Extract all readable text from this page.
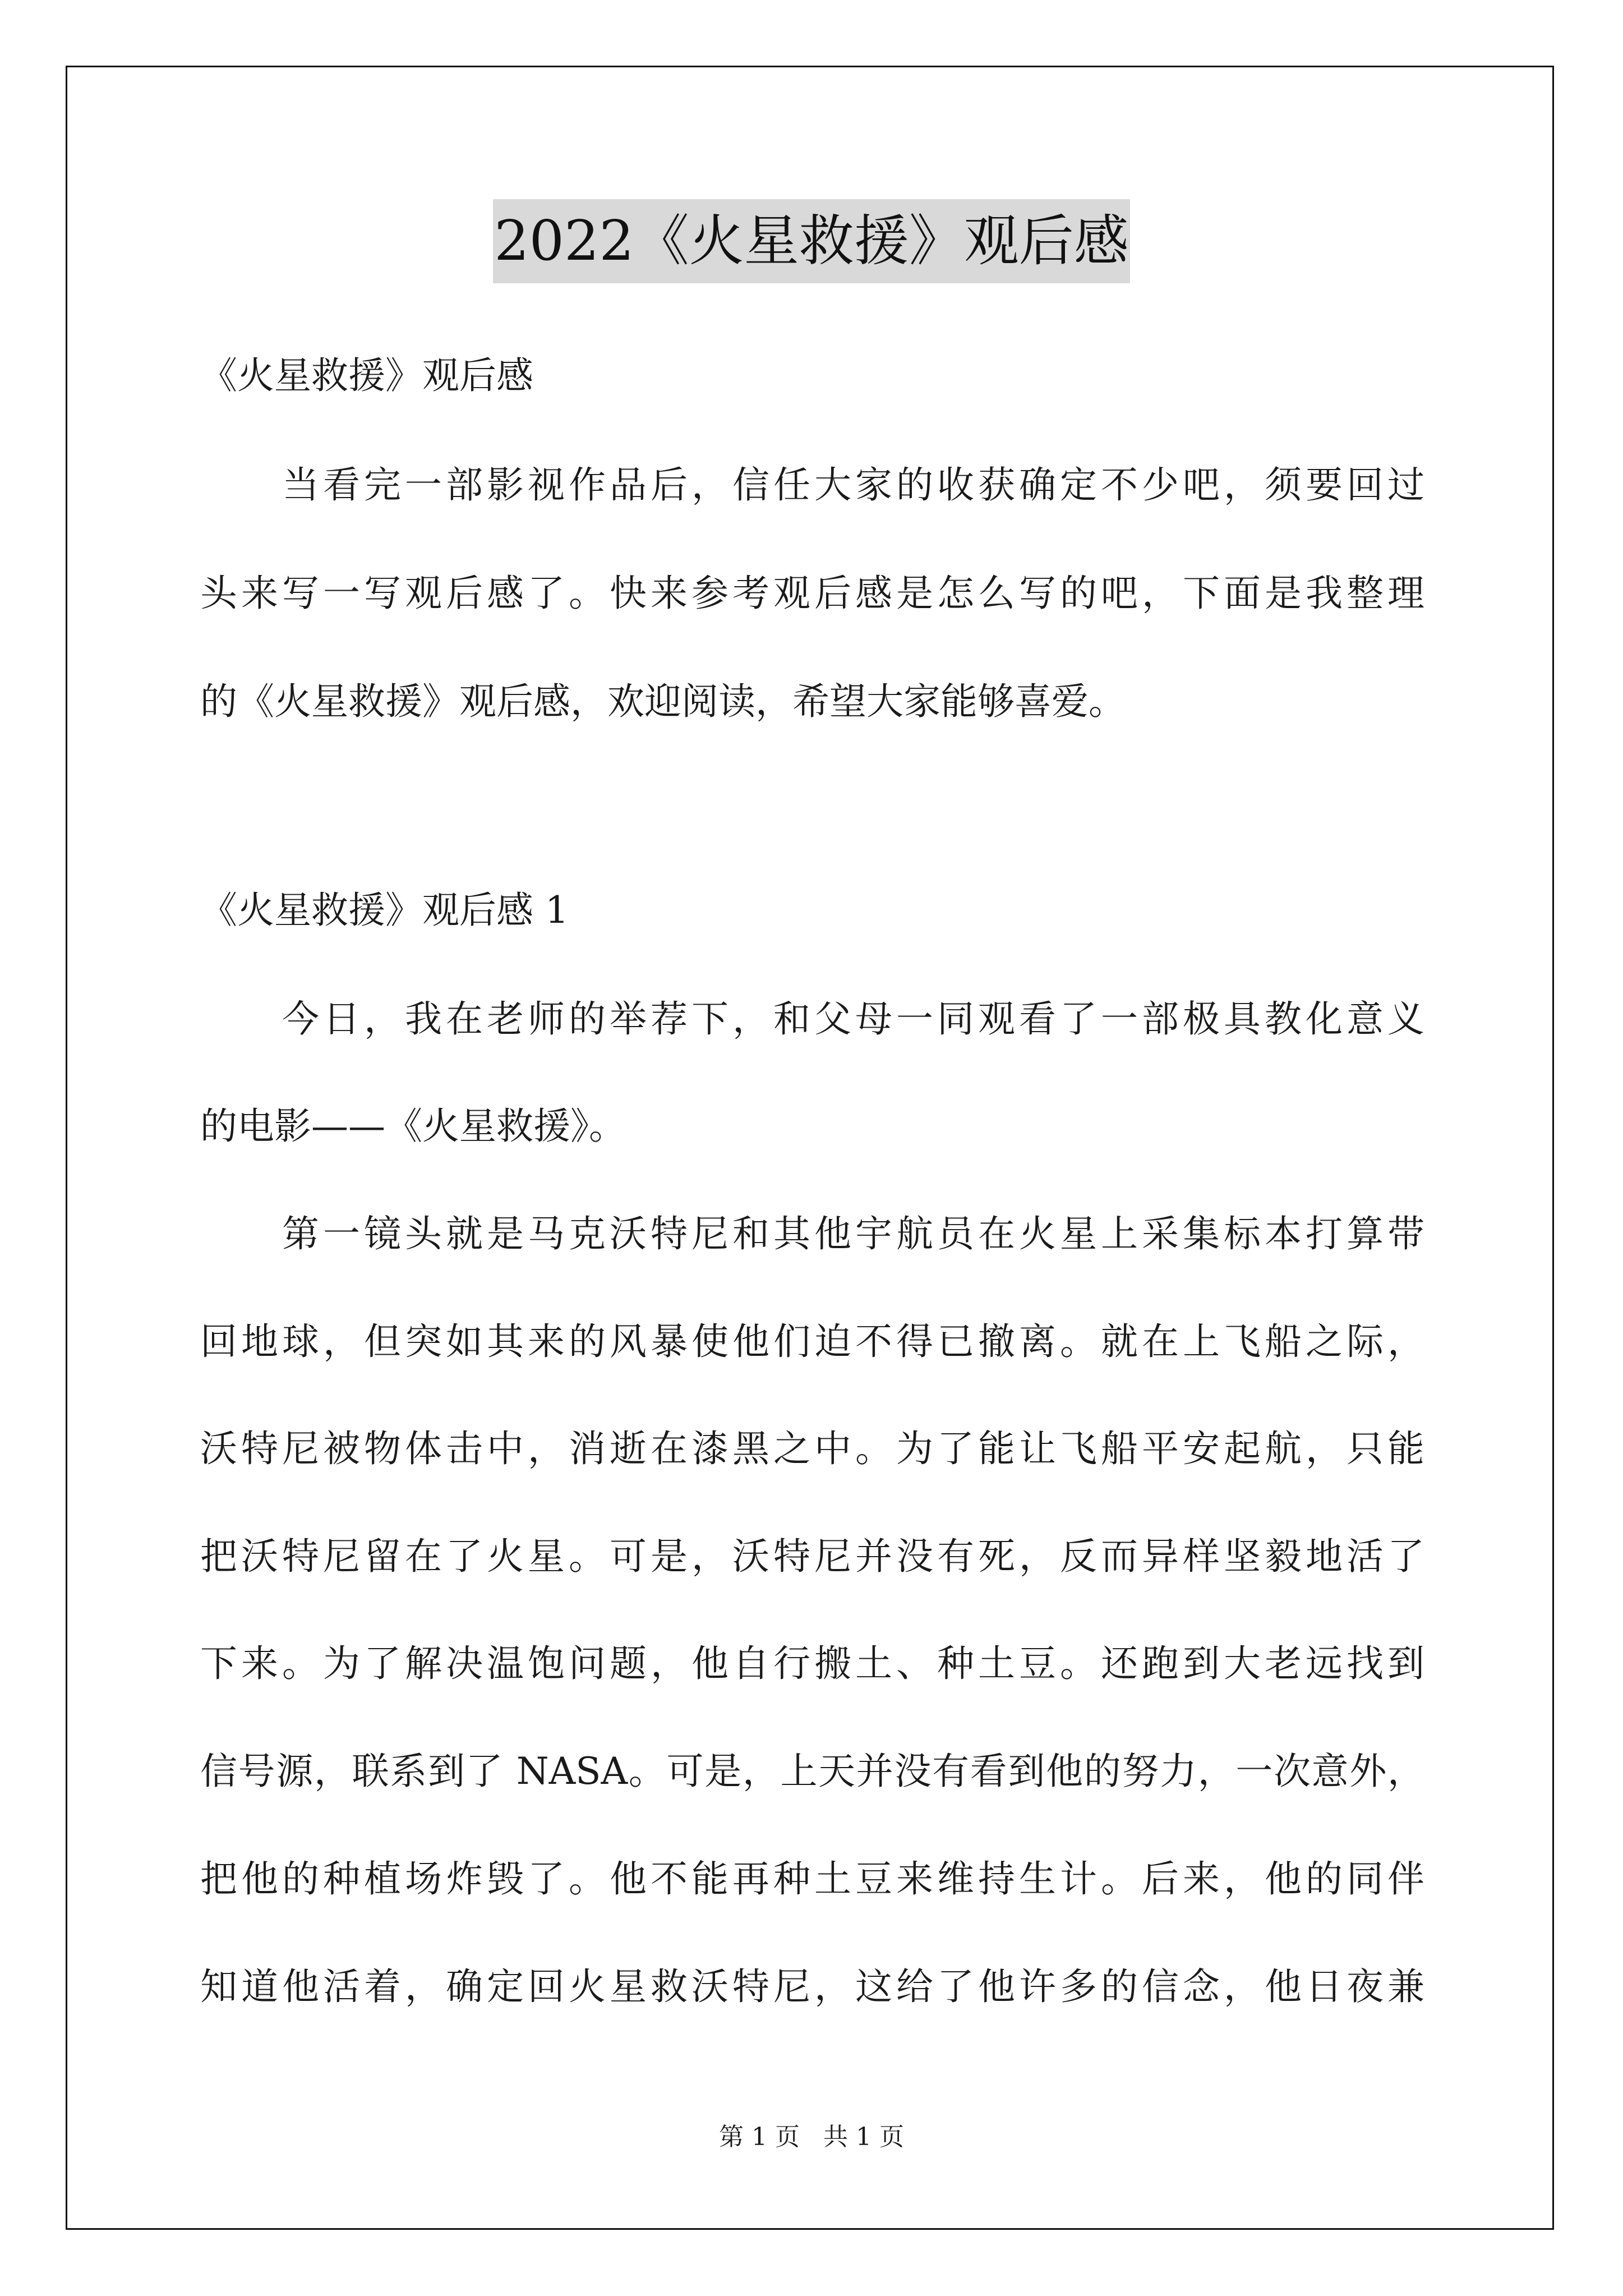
2022《火星救援》观后感
《火星救援》观后感
当看完一部影视作品后，信任大家的收获确定不少吧，须要回过
头来写一写观后感了。快来参考观后感是怎么写的吧，下面是我整理
的《火星救援》观后感，欢迎阅读，希望大家能够喜爱。
《火星救援》观后感 1
今日，我在老师的举荐下，和父母一同观看了一部极具教化意义
的电影——《火星救援》。
第一镜头就是马克沃特尼和其他宇航员在火星上采集标本打算带
回地球，但突如其来的风暴使他们迫不得已撤离。就在上飞船之际，
沃特尼被物体击中，消逝在漆黑之中。为了能让飞船平安起航，只能
把沃特尼留在了火星。可是，沃特尼并没有死，反而异样坚毅地活了
下来。为了解决温饱问题，他自行搬土、种土豆。还跑到大老远找到
信号源，联系到了 NASA。可是，上天并没有看到他的努力，一次意外，
把他的种植场炸毁了。他不能再种土豆来维持生计。后来，他的同伴
知道他活着，确定回火星救沃特尼，这给了他许多的信念，他日夜兼
第 1 页   共 1 页
